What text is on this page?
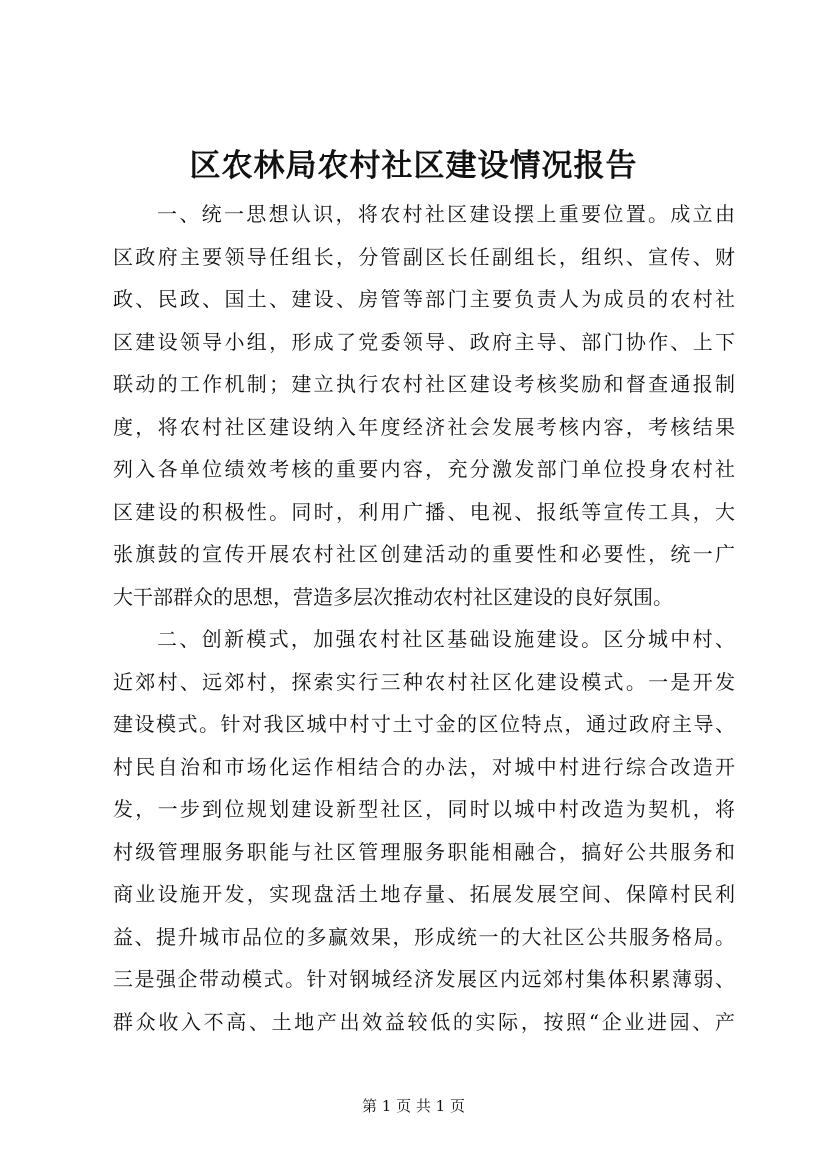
区农林局农村社区建设情况报告
一、统一思想认识，将农村社区建设摆上重要位置。成立由
区政府主要领导任组长，分管副区长任副组长，组织、宣传、财
政、民政、国土、建设、房管等部门主要负责人为成员的农村社
区建设领导小组，形成了党委领导、政府主导、部门协作、上下
联动的工作机制；建立执行农村社区建设考核奖励和督查通报制
度，将农村社区建设纳入年度经济社会发展考核内容，考核结果
列入各单位绩效考核的重要内容，充分激发部门单位投身农村社
区建设的积极性。同时，利用广播、电视、报纸等宣传工具，大
张旗鼓的宣传开展农村社区创建活动的重要性和必要性，统一广
大干部群众的思想，营造多层次推动农村社区建设的良好氛围。
二、创新模式，加强农村社区基础设施建设。区分城中村、
近郊村、远郊村，探索实行三种农村社区化建设模式。一是开发
建设模式。针对我区城中村寸土寸金的区位特点，通过政府主导、
村民自治和市场化运作相结合的办法，对城中村进行综合改造开
发，一步到位规划建设新型社区，同时以城中村改造为契机，将
村级管理服务职能与社区管理服务职能相融合，搞好公共服务和
商业设施开发，实现盘活土地存量、拓展发展空间、保障村民利
益、提升城市品位的多赢效果，形成统一的大社区公共服务格局。
三是强企带动模式。针对钢城经济发展区内远郊村集体积累薄弱、
群众收入不高、土地产出效益较低的实际，按照“企业进园、产
第 1 页 共 1 页
